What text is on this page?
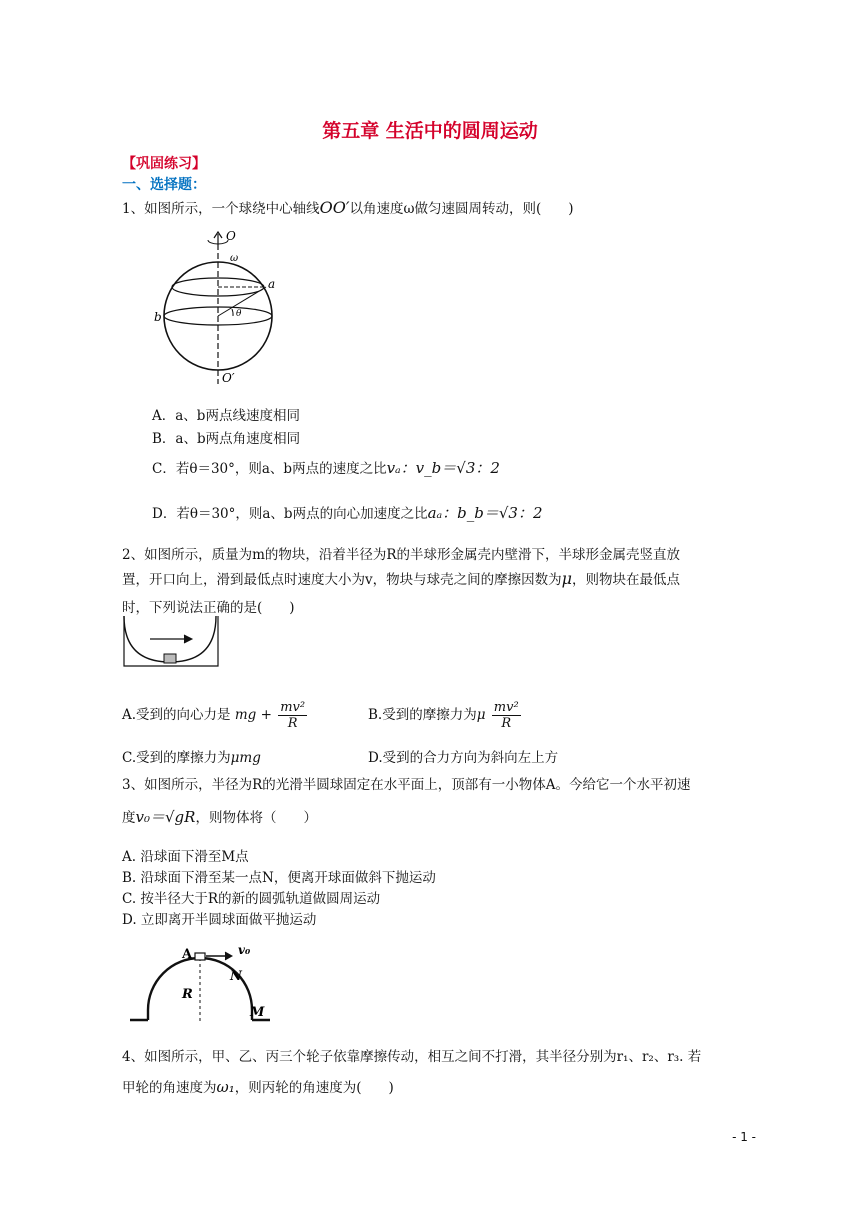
第五章 生活中的圆周运动
【巩固练习】
一、选择题：
1、如图所示，一个球绕中心轴线OO′以角速度ω做匀速圆周转动，则(　　)
O
ω
a
b	θ
O′
A．a、b两点线速度相同
B．a、b两点角速度相同
C．若θ＝30°，则a、b两点的速度之比vₐ：v_b＝√3：2
D．若θ＝30°，则a、b两点的向心加速度之比aₐ：b_b＝√3：2
2、如图所示，质量为m的物块，沿着半径为R的半球形金属壳内壁滑下，半球形金属壳竖直放
置，开口向上，滑到最低点时速度大小为v，物块与球壳之间的摩擦因数为μ，则物块在最低点
时，下列说法正确的是(　　)
A.受到的向心力是 mg + $\frac{\text{mv²}}{R}$	B.受到的摩擦力为μ $\frac{\text{mv²}}{R}$
C.受到的摩擦力为μmg	D.受到的合力方向为斜向左上方
3、如图所示，半径为R的光滑半圆球固定在水平面上，顶部有一小物体A。今给它一个水平初速
度v₀＝√gR，则物体将（　　）
A. 沿球面下滑至M点
B. 沿球面下滑至某一点N，便离开球面做斜下抛运动
C. 按半径大于R的新的圆弧轨道做圆周运动
D. 立即离开半圆球面做平抛运动
A	v₀
N
R
M
4、如图所示，甲、乙、丙三个轮子依靠摩擦传动，相互之间不打滑，其半径分别为r₁、r₂、r₃. 若
甲轮的角速度为ω₁，则丙轮的角速度为(　　)
- 1 -
